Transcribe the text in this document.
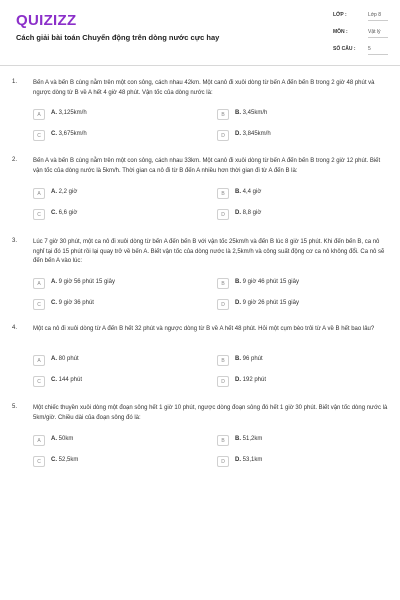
QUIZIZZ
Cách giải bài toán Chuyển động trên dòng nước cực hay
LỚP :	Lớp 8
MÔN :	Vật lý
SỐ CÂU :	5
1.	Bến A và bến B cùng nằm trên một con sông, cách nhau 42km. Một canô đi xuôi dòng từ bến A đến bến B trong 2 giờ 48 phút và ngược dòng từ B về A hết 4 giờ 48 phút. Vận tốc của dòng nước là:
A	A. 3,125km/h	B	B. 3,45km/h
C	C. 3,675km/h	D	D. 3,845km/h
2.	Bến A và bến B cùng nằm trên một con sông, cách nhau 33km. Một canô đi xuôi dòng từ bến A đến bến B trong 2 giờ 12 phút. Biết vận tốc của dòng nước là 5km/h. Thời gian ca nô đi từ B đến A nhiều hơn thời gian đi từ A đến B là:
A	A. 2,2 giờ	B	B. 4,4 giờ
C	C. 6,6 giờ	D	D. 8,8 giờ
3.	Lúc 7 giờ 30 phút, một ca nô đi xuôi dòng từ bến A đến bến B với vận tốc 25km/h và đến B lúc 8 giờ 15 phút. Khi đến bến B, ca nô nghỉ tại đó 15 phút rồi lại quay trở về bến A. Biết vận tốc của dòng nước là 2,5km/h và công suất động cơ ca nô không đổi. Ca nô sẽ đến bến A vào lúc:
A	A. 9 giờ 56 phút 15 giây	B	B. 9 giờ 46 phút 15 giây
C	C. 9 giờ 36 phút	D	D. 9 giờ 26 phút 15 giây
4.	Một ca nô đi xuôi dòng từ A đến B hết 32 phút và ngược dòng từ B về A hết 48 phút. Hỏi một cụm bèo trôi từ A về B hết bao lâu?
A	A. 80 phút	B	B. 96 phút
C	C. 144 phút	D	D. 192 phút
5.	Một chiếc thuyền xuôi dòng một đoạn sông hết 1 giờ 10 phút, ngược dòng đoạn sông đó hết 1 giờ 30 phút. Biết vận tốc dòng nước là 5km/giờ. Chiều dài của đoạn sông đó là:
A	A. 50km	B	B. 51,2km
C	C. 52,5km	D	D. 53,1km
